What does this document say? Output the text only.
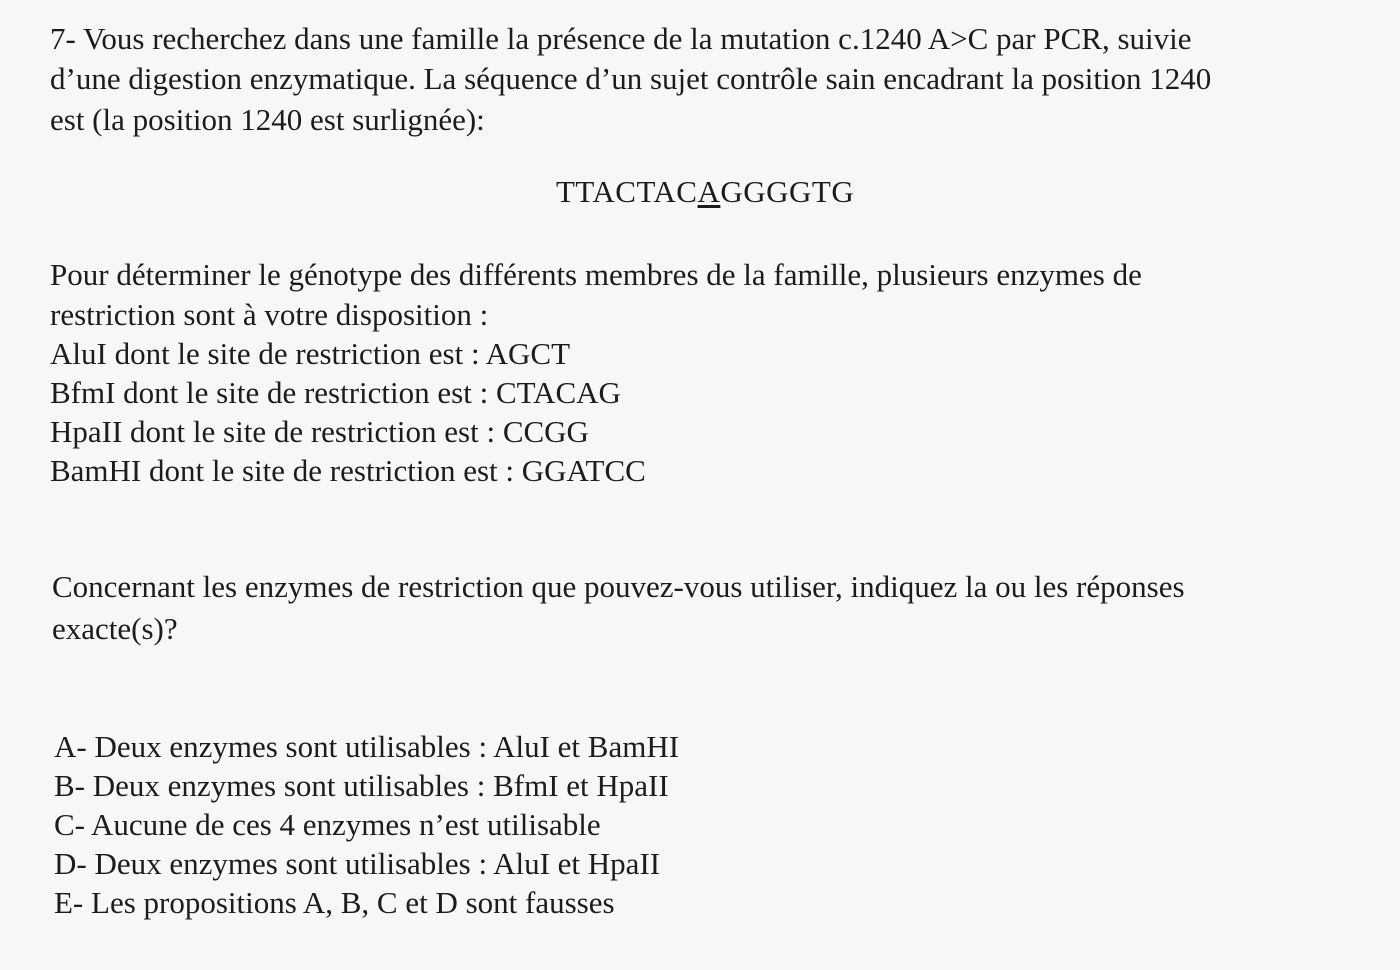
7- Vous recherchez dans une famille la présence de la mutation c.1240 A>C par PCR, suivie
d’une digestion enzymatique. La séquence d’un sujet contrôle sain encadrant la position 1240
est (la position 1240 est surlignée):
TTACTACAGGGGTG
Pour déterminer le génotype des différents membres de la famille, plusieurs enzymes de
restriction sont à votre disposition :
AluI dont le site de restriction est : AGCT
BfmI dont le site de restriction est : CTACAG
HpaII dont le site de restriction est : CCGG
BamHI dont le site de restriction est : GGATCC
Concernant les enzymes de restriction que pouvez-vous utiliser, indiquez la ou les réponses
exacte(s)?
A- Deux enzymes sont utilisables : AluI et BamHI
B- Deux enzymes sont utilisables : BfmI et HpaII
C- Aucune de ces 4 enzymes n’est utilisable
D- Deux enzymes sont utilisables : AluI et HpaII
E- Les propositions A, B, C et D sont fausses
